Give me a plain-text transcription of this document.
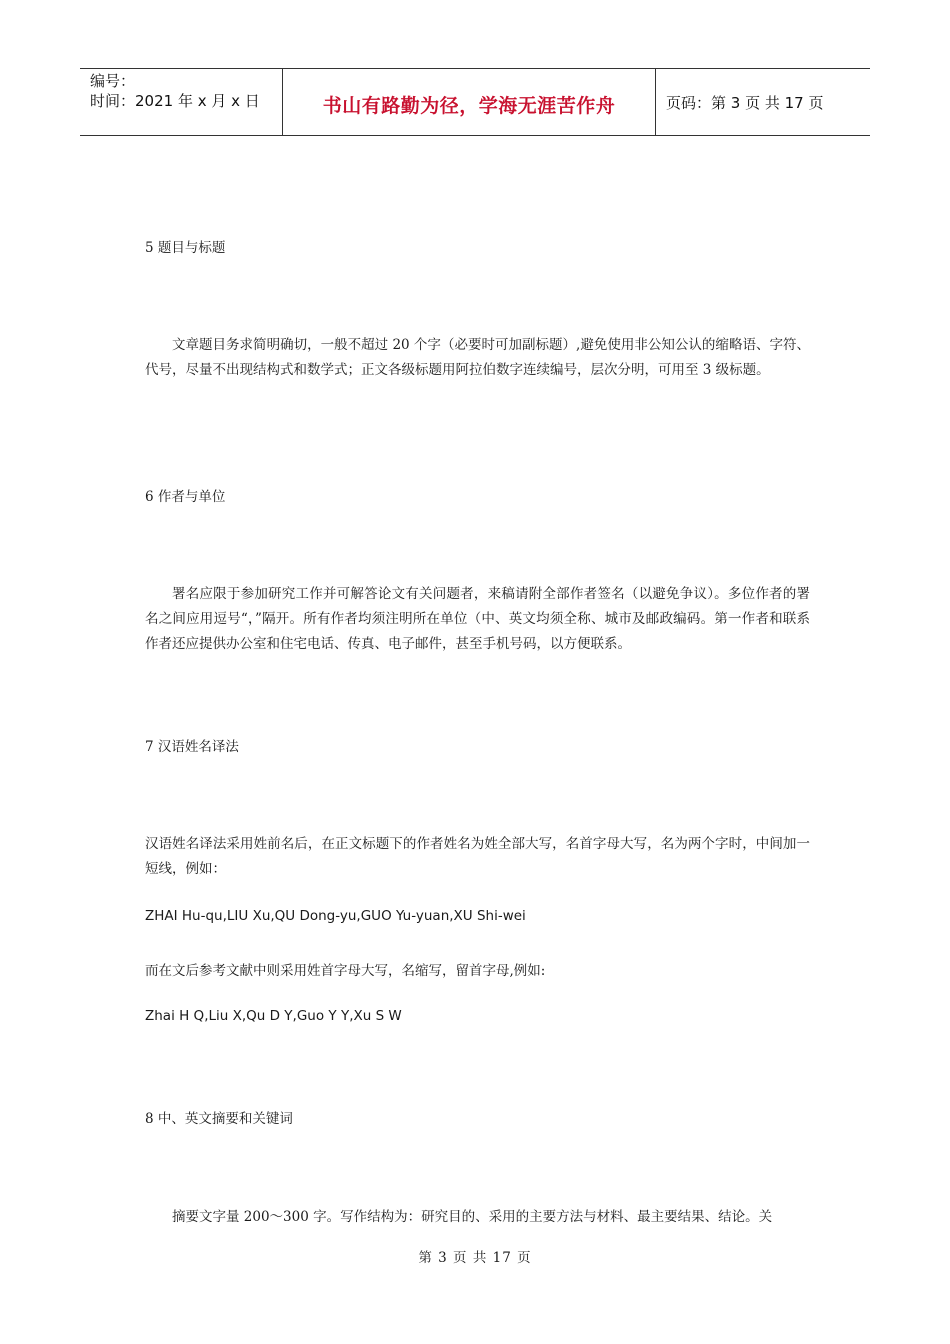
编号：
时间：2021 年 x 月 x 日	书山有路勤为径，学海无涯苦作舟	页码：第 3 页 共 17 页
5 题目与标题
文章题目务求简明确切，一般不超过 20 个字（必要时可加副标题）,避免使用非公知公认的缩略语、字符、代号，尽量不出现结构式和数学式；正文各级标题用阿拉伯数字连续编号，层次分明，可用至 3 级标题。
6 作者与单位
署名应限于参加研究工作并可解答论文有关问题者，来稿请附全部作者签名（以避免争议）。多位作者的署名之间应用逗号“，”隔开。所有作者均须注明所在单位（中、英文均须全称、城市及邮政编码。第一作者和联系作者还应提供办公室和住宅电话、传真、电子邮件，甚至手机号码，以方便联系。
7 汉语姓名译法
汉语姓名译法采用姓前名后，在正文标题下的作者姓名为姓全部大写，名首字母大写，名为两个字时，中间加一短线，例如：
ZHAI Hu-qu,LIU Xu,QU Dong-yu,GUO Yu-yuan,XU Shi-wei
而在文后参考文献中则采用姓首字母大写，名缩写，留首字母,例如:
Zhai H Q,Liu X,Qu D Y,Guo Y Y,Xu S W
8 中、英文摘要和关键词
摘要文字量 200～300 字。写作结构为：研究目的、采用的主要方法与材料、最主要结果、结论。关
第 3 页 共 17 页
